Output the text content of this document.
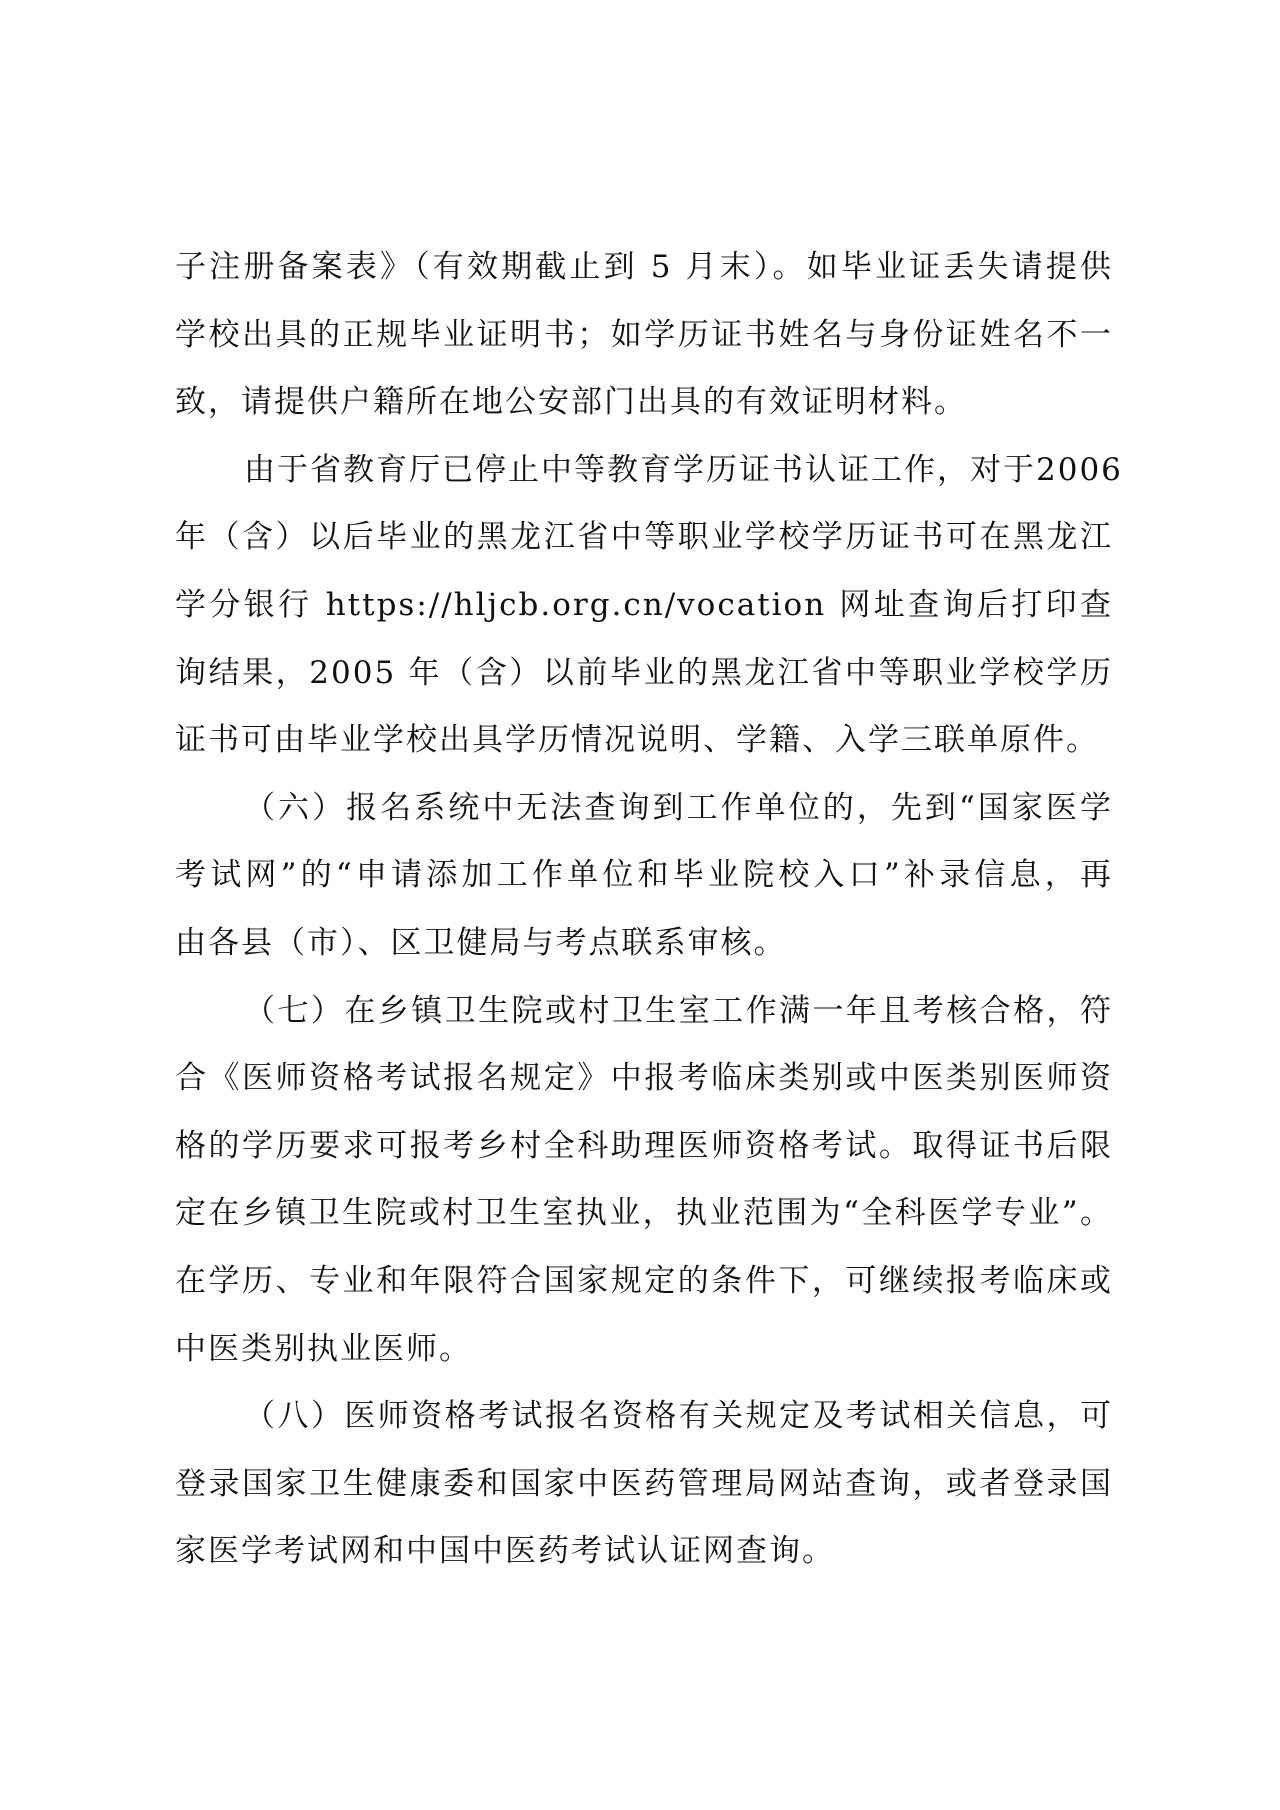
子注册备案表》（有效期截止到 5 月末）。如毕业证丢失请提供
学校出具的正规毕业证明书；如学历证书姓名与身份证姓名不一
致，请提供户籍所在地公安部门出具的有效证明材料。
由于省教育厅已停止中等教育学历证书认证工作，对于2006
年（含）以后毕业的黑龙江省中等职业学校学历证书可在黑龙江
学分银行 https://hljcb.org.cn/vocation 网址查询后打印查
询结果，2005 年（含）以前毕业的黑龙江省中等职业学校学历
证书可由毕业学校出具学历情况说明、学籍、入学三联单原件。
（六）报名系统中无法查询到工作单位的，先到“国家医学
考试网”的“申请添加工作单位和毕业院校入口”补录信息，再
由各县（市）、区卫健局与考点联系审核。
（七）在乡镇卫生院或村卫生室工作满一年且考核合格，符
合《医师资格考试报名规定》中报考临床类别或中医类别医师资
格的学历要求可报考乡村全科助理医师资格考试。取得证书后限
定在乡镇卫生院或村卫生室执业，执业范围为“全科医学专业”。
在学历、专业和年限符合国家规定的条件下，可继续报考临床或
中医类别执业医师。
（八）医师资格考试报名资格有关规定及考试相关信息，可
登录国家卫生健康委和国家中医药管理局网站查询，或者登录国
家医学考试网和中国中医药考试认证网查询。
